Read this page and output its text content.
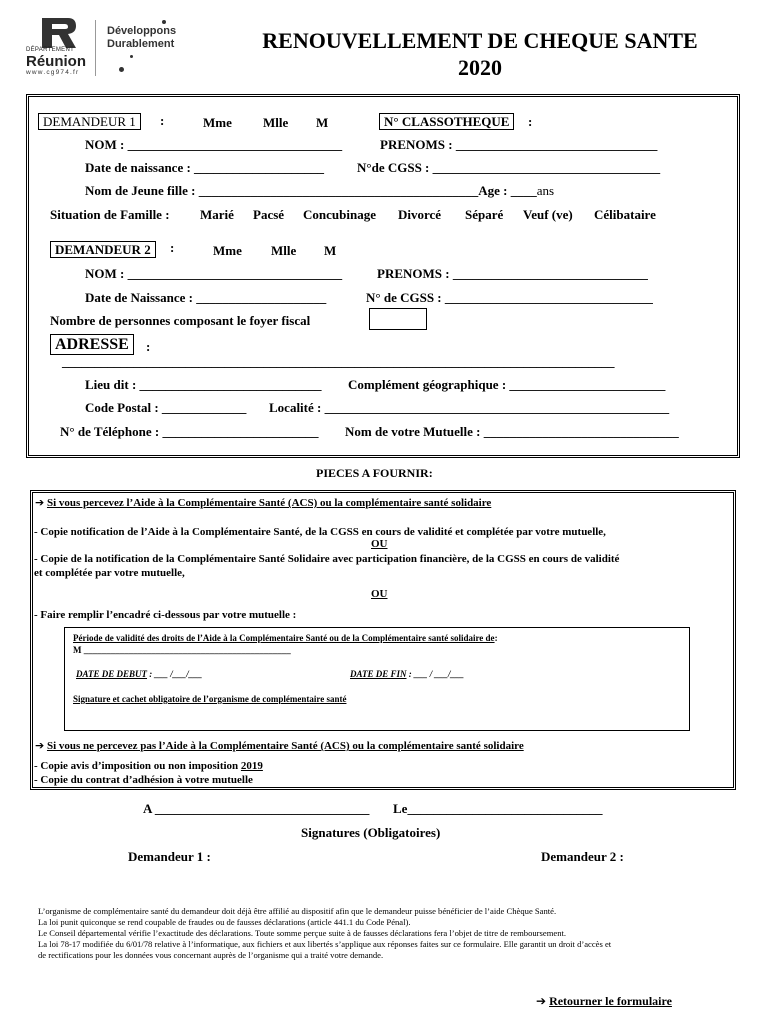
DÉPARTEMENT
Réunion
www.cg974.fr
Développons
Durablement	RENOUVELLEMENT DE CHEQUE SANTE
2020
DEMANDEUR 1	:	Mme Mlle M	N° CLASSOTHEQUE	:
NOM : _________________________________	PRENOMS : _______________________________
Date de naissance : ____________________	N°de CGSS : ___________________________________
Nom de Jeune fille : ___________________________________________Age : ____ans
Situation de Famille : Marié Pacsé Concubinage Divorcé Séparé Veuf (ve) Célibataire
DEMANDEUR 2	:	Mme Mlle M
NOM : _________________________________	PRENOMS : ______________________________
Date de Naissance : ____________________	N° de CGSS : ________________________________
Nombre de personnes composant le foyer fiscal
ADRESSE	:
_____________________________________________________________________________________
Lieu dit : ____________________________ Complément géographique : ________________________
Code Postal : _____________ Localité : _____________________________________________________
N° de Téléphone : ________________________ Nom de votre Mutuelle : ______________________________
PIECES A FOURNIR:
➔ Si vous percevez l’Aide à la Complémentaire Santé (ACS) ou la complémentaire santé solidaire
- Copie notification de l’Aide à la Complémentaire Santé, de la CGSS en cours de validité et complétée par votre mutuelle,
OU
- Copie de la notification de la Complémentaire Santé Solidaire avec participation financière, de la CGSS en cours de validité
et complétée par votre mutuelle,
OU
- Faire remplir l’encadré ci-dessous par votre mutuelle :
Période de validité des droits de l’Aide à la Complémentaire Santé ou de la Complémentaire santé solidaire de:
M ______________________________________________
DATE DE DEBUT : ___ /___/___	DATE DE FIN : ___ / ___/___
Signature et cachet obligatoire de l’organisme de complémentaire santé
➔ Si vous ne percevez pas l’Aide à la Complémentaire Santé (ACS) ou la complémentaire santé solidaire
- Copie avis d’imposition ou non imposition 2019
- Copie du contrat d’adhésion à votre mutuelle
A _________________________________ Le______________________________
Signatures (Obligatoires)
Demandeur 1 :	Demandeur 2 :
L’organisme de complémentaire santé du demandeur doit déjà être affilié au dispositif afin que le demandeur puisse bénéficier de l’aide Chèque Santé.
La loi punit quiconque se rend coupable de fraudes ou de fausses déclarations (article 441.1 du Code Pénal).
Le Conseil départemental vérifie l’exactitude des déclarations. Toute somme perçue suite à de fausses déclarations fera l’objet de titre de remboursement.
La loi 78-17 modifiée du 6/01/78 relative à l’informatique, aux fichiers et aux libertés s’applique aux réponses faites sur ce formulaire. Elle garantit un droit d’accès et
de rectifications pour les données vous concernant auprès de l’organisme qui a traité votre demande.
➔ Retourner le formulaire
